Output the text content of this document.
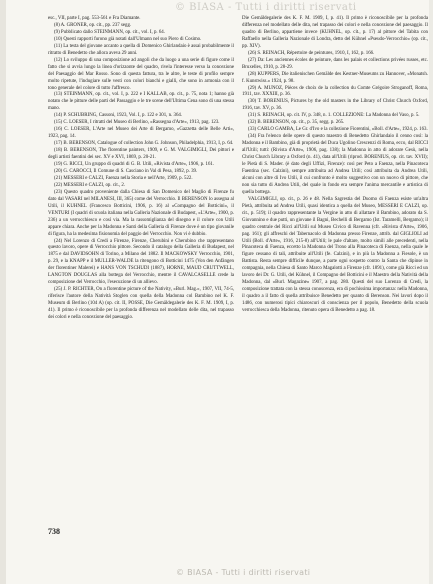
© BIASA - Tutti i diritti riservati

esc., VII, parte I, pag. 553-561 e Fra Diamante.

(8) A. GRONER, op. cit., pp. 237 segg.

(9) Pubblicato dallo STEINMANN, op. cit., vol. I, p. 64.

(10) Questi rapporti furono già notati dall'Ulmann nel suo Piero di Cosimo.

(11) La testa del giovane accanto a quella di Domenico Ghirlandaio è assai probabilmente il ritratto di Benedetto che allora aveva 29 anni.

(12) Lo sviluppo di una composizione ad angoli che da luogo a una serie di figure come il fatto che si avvia lungo la linea d'orizzonte del quadro, rivela l'interesse verso la concezione del Paesaggio del Mar Rosso. Sono di questa fattura, tra le altre, le teste di profilo sempre molto ripetute, l'indugiare sulle vesti con colori bianchi e gialli, che sono in armonia con il tono generale del colore di tutto l'affresco.

(13) STEINMANN, op. cit., vol. I, p. 222 e I KALLAB, op. cit., p. 75, nota 1; hanno già notato che le pitture delle parti del Passaggio e le tre scene dell'Ultima Cena sono di una stessa mano.

(14) P. SCHUBRING, Cassoni, 1923, Vol. I, p. 122 e 301, n. 364.

(15) C. LOESER, I ritratti del Museo di Berlino, «Rassegna d'Arte», 1913, pag. 123.

(16) C. LOESER, L'Arte nel Museo dei Arte di Bergamo, «Gazzetta delle Belle Arti», 1923, pag. 14.

(17) B. BERENSON, Catalogue of collection John G. Johnson, Philadelphia, 1913, I, p. 64.

(18) B. BERENSON, The florentine painters, 1909, e G. M. VALGIMIGLI, Dei pittori e degli artisti faentini dei sec. XV e XVI, 1869, p. 20-21.

(19) G. RICCI, Un gruppo di quadri di G. B. Utili, «Rivista d'Arte», 1906, p. 161.

(20) G. CAROCCI, Il Comune di S. Casciano in Val di Pesa, 1892, p. 39.

(21) MESSERI e CALZI, Faenza nella Storia e nell'Arte, 1909, p. 522.

(22) MESSERI e CALZI, op. cit., 2.

(23) Questo quadro proveniente dalla Chiesa di San Domenico del Maglio di Firenze fu dato dal VASARI nel MILANESI, III, 365) come del Verrocchio. Il BERENSON lo assegna al Utili, il KUHNEL (Francesco Botticini, 1906, p. 16) al «Compagno del Botticini», il VENTURI (I quadri di scuola italiana nella Galleria Nazionale di Budapest, «L'Arte», 1900, p. 236) a un verrocchiesco e così via. Ma la rassomiglianza del disegno e il colore con Utili appare chiara. Anche per la Madonna e Santi della Galleria di Firenze dove è un tipo giovanile di figura, ha la medesima fisionomia del paggio del Verrocchio. Non vi è dubbio.

(24) Nel Lorenzo di Credi a Firenze, Firenze, Cherubini e Cherubino che rappresentano questo lavoro, opere di Verrocchio pittore. Secondo il catalogo della Galleria di Budapest, nel 1875 e dal DAVIDSOHN di Torino, a Milano del 1882. Il MACKOWSKY Verrocchio, 1901, p. 29, e la KNAPP e il MULLER-WALDE la ritengono di Botticini 1475 (Von den Anfängen der florentiner Malerei) e HANS VON TSCHUDI (1887), HORNE, MAUD CRUTTWELL, LANGTON DOUGLAS alla bottega del Verrocchio, mentre il CAVALCASELLE crede la composizione del Verrocchio, l'esecuzione di un allievo.

(25) J. P. RICHTER, On a florentine picture of the Nativity, «Burl. Mag.», 1907, VII, 74-5, riferisce l'autore della Natività Stoglen con quella della Madonna col Bambino nel K. F. Museum di Berlino (104 A) (op. cit. II, POSSE, Die Gemäldegalerie des K. F. M. 1909, I, p. 41). Il primo è riconoscibile per la profonda differenza nel modellato delle dita, nel trapasso dei colori e nella concezione del paesaggio.

Die Gemäldegalerie des K. F. M. 1909, I, p. 41). Il primo è riconoscibile per la profonda differenza nel modellato delle dita, nel trapasso dei colori e nella concezione del paesaggio. Il quadro di Berlino, appartiene invece (KUHNEL, op. cit., p. 17) al pittore del Tabita con Raffaello nella Galleria Nazionale di Londra, detto del Kühnel «Pseudo-Verrocchio» (op. cit., pp. XIV).

(26) S. REINACH, Répertoire de peintures, 1910, I, 162, p. 166.

(27) Da: Les anciennes écoles de peinture, dans les palais et collections privées russes, etc. Bruxelles, 1910, p. 28-29.

(28) KUPPERS, Die italienischen Gemälde des Kestner-Museums zu Hannover, «Monatsh. f. Kunstwiss.» 1924, p. 98.

(29) A. MUNOZ, Pièces de choix de la collection du Comte Grégoire Stroganoff, Roma, 1911, tav. XXXIII, p. 36.

(30) T. BORENIUS, Pictures by the old masters in the Library of Christ Church Oxford, 1916, tav. XV, p. 36.

(31) S. REINACH, op. cit. IV, p. 348, n. 1. COLLEZIONE: La Madonna del Vaso, p. 5.

(32) B. BERENSON, op. cit., p. 35, segg. p. 265.

(33) CARLO GAMBA, Le Gr. d'Ivo e la collezione Fiorentini, «Boll. d'Arte», 1924, p. 163.

(34) Fra l'elenco delle opere di questo maestro di Benedetto Ghirlandaio il cenno così: la Madonna e il Bambino, già di proprietà del Duca Ugolino Crescenzi di Roma, ecco, dal RICCI all'Utili; tutti: (Rivista d'Arte», 1906, pag. 138); la Madonna in atto di adorare Gesù, nella Christ Church Library a Oxford (n. 41), data all'Utili (riprod. BORENIUS, op. cit. tav. XVII); le Pietà di S. Mader. (è dato degli Uffizi, Firenze): così per Peto a Faenza, nella Pinacoteca Faentina (sec. Calzini), sempre attribuita ad Andrea Utili; così attribuita da Andrea Utili, alcuni con altre di Ivo Utili, il cui confronto è molto suggestivo con un nuovo di pittore, che non sia tutto di Andrea Utili, del quale in fondo era sempre l'anima mercantile e artistica di quella bottega.

VALGIMIGLI, op. cit., p. 26 e 48. Nella Sagrestia del Duomo di Faenza esiste un'altra Pietà, attribuita ad Andrea Utili, quasi identica a quella del Museo, MESSERI E CALZI, op. cit., p. 519); il quadro rappresentante la Vergine in atto di allattare il Bambino, adorato da S. Giovannino e due putti, un giovane il Bagni, Bechelli di Bergamo (Ist. Taramelli, Bergamo); il quadro centrale del Ricci all'Utili sul Museo Civico di Ravenna (cfr. «Rivista d'Arte», 1906, pag. 161); gli affreschi del Tabernacolo di Madonna presso Firenze, attrib. dal GIGLIOLI ad Utili (Boll. d'Arte», 1916, 215-8) all'Utili; le pale d'altare, molto simili alle precedenti, nella Pinacoteca di Faenza, eccetto la Madonna del Trono alla Pinacoteca di Faenza, nella quale le figure cessano di tali, attribuite all'Utili (fe. Calzini), e in più la Madonna a Fiesole, è un Battista. Resta sempre difficile dunque, a parte ogni sospetto contro la Santa che dipinse in compagnia, nella Chiesa di Santo Marco Magalotti a Firenze (cfr. 1891), come già Ricci ed un lavoro dei Dr. G. Utili, del Kühnel, il Compagno del Botticini e il Maestro della Natività della Madonna, dal «Burl. Magazine» 1907, a pag. 280. Questi del suo Lorenzo di Credi, la composizione trattata con la stessa conoscenza, era di pochissima importanza: nella Madonna, il quadro a il fatto di quella attribuisce Benedetto per quanto di Berenson. Nei lavori dopo il 1486, con numerosi tipici chiaroscuri di conscienza per il popolo, Benedetto della scuola verrocchiesca della Madonna, ritenuto opera di Benedetto a pag. 18.

738
© BIASA - Tutti i diritti riservati
